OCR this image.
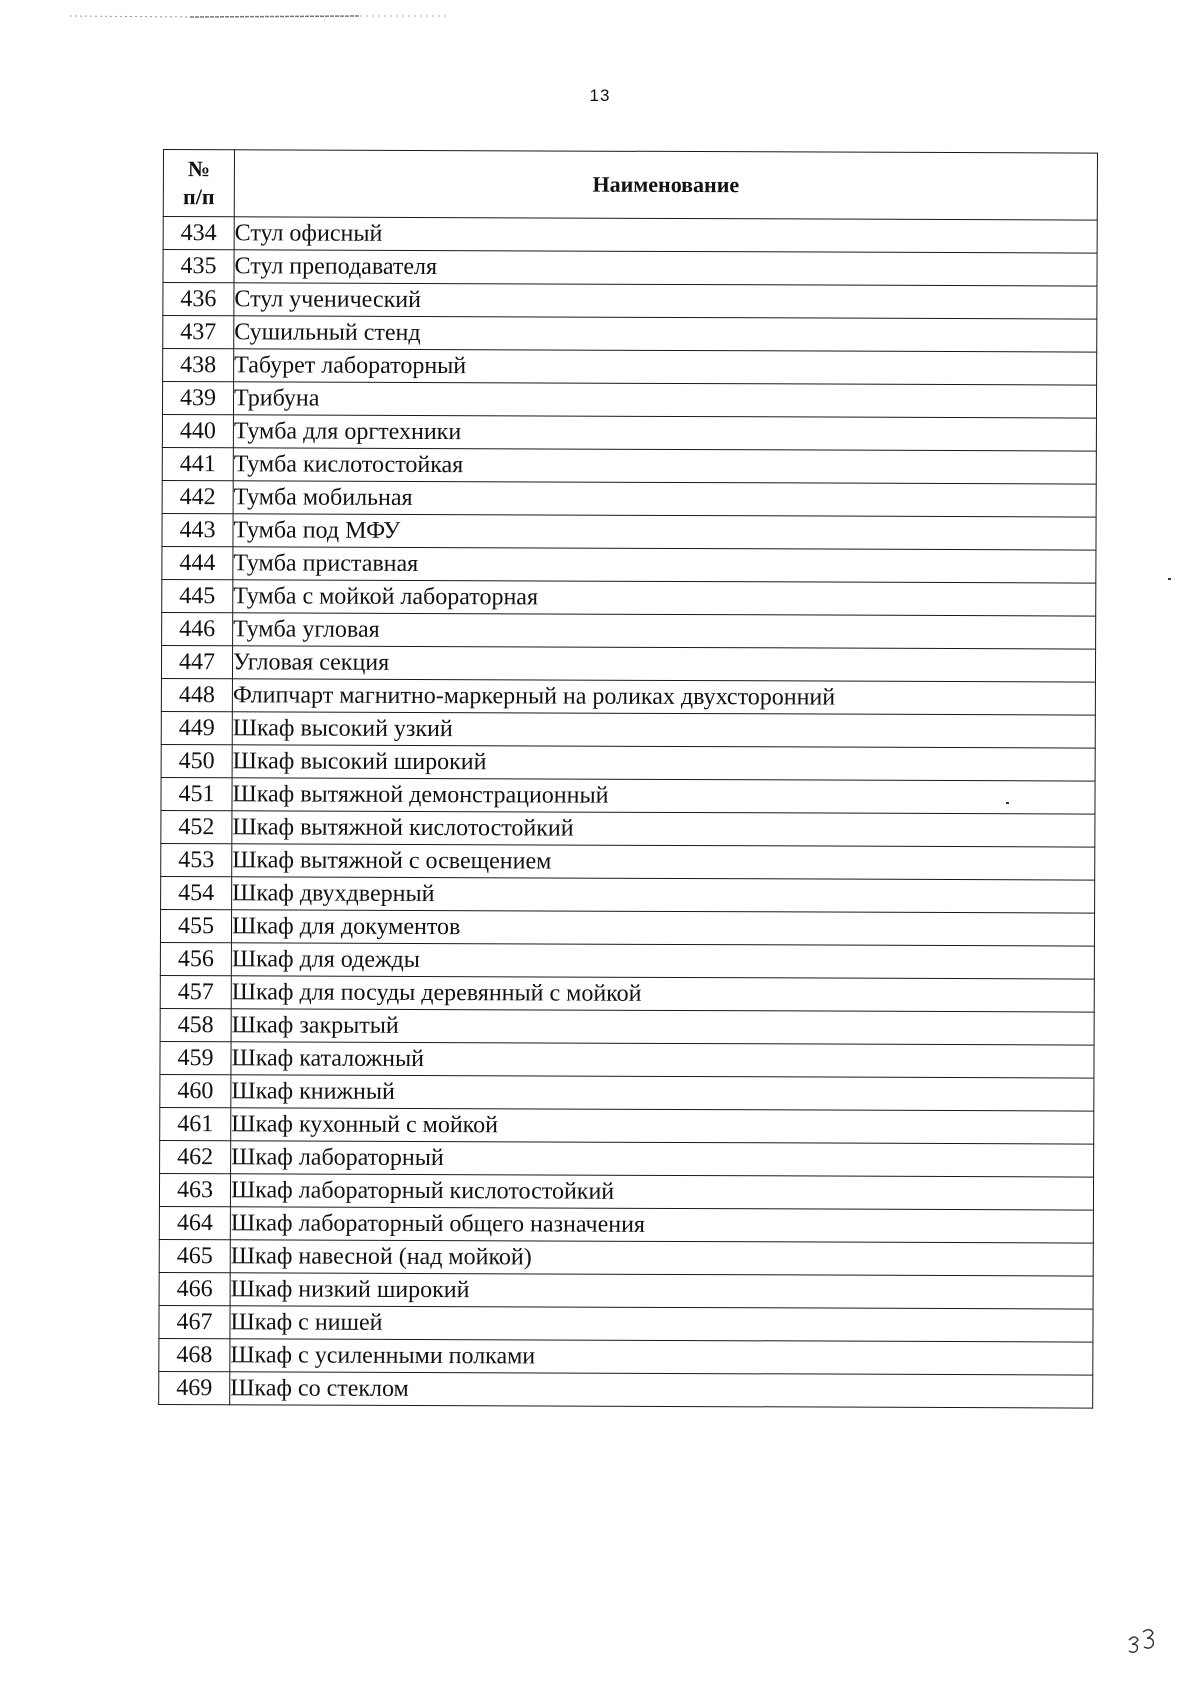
13
№
п/п	Наименование
434	Стул офисный
435	Стул преподавателя
436	Стул ученический
437	Сушильный стенд
438	Табурет лабораторный
439	Трибуна
440	Тумба для оргтехники
441	Тумба кислотостойкая
442	Тумба мобильная
443	Тумба под МФУ
444	Тумба приставная
445	Тумба с мойкой лабораторная
446	Тумба угловая
447	Угловая секция
448	Флипчарт магнитно-маркерный на роликах двухсторонний
449	Шкаф высокий узкий
450	Шкаф высокий широкий
451	Шкаф вытяжной демонстрационный
452	Шкаф вытяжной кислотостойкий
453	Шкаф вытяжной с освещением
454	Шкаф двухдверный
455	Шкаф для документов
456	Шкаф для одежды
457	Шкаф для посуды деревянный с мойкой
458	Шкаф закрытый
459	Шкаф каталожный
460	Шкаф книжный
461	Шкаф кухонный с мойкой
462	Шкаф лабораторный
463	Шкаф лабораторный кислотостойкий
464	Шкаф лабораторный общего назначения
465	Шкаф навесной (над мойкой)
466	Шкаф низкий широкий
467	Шкаф с нишей
468	Шкаф с усиленными полками
469	Шкаф со стеклом
